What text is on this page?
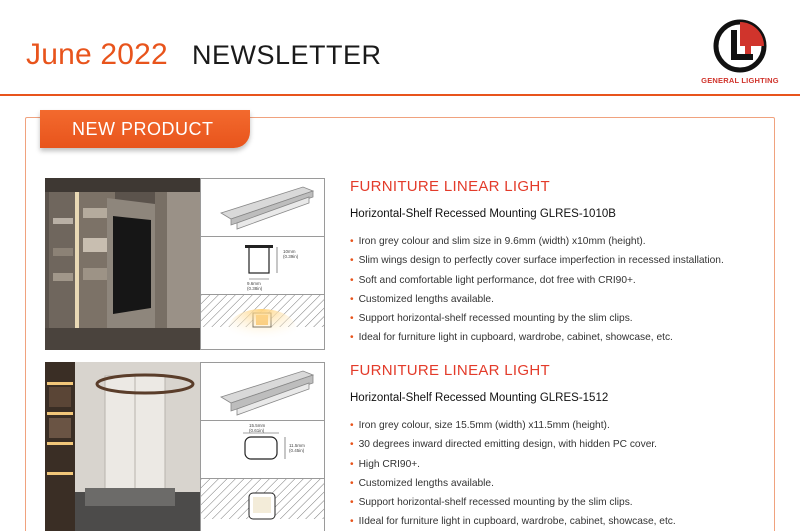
June 2022 NEWSLETTER
GENERAL LIGHTING
NEW PRODUCT
10mm
(0.39in)
9.6mm
(0.38in)
FURNITURE LINEAR LIGHT
Horizontal-Shelf Recessed Mounting GLRES-1010B
• Iron grey colour and slim size in 9.6mm (width) x10mm (height).
• Slim wings design to perfectly cover surface imperfection in recessed installation.
• Soft and comfortable light performance, dot free with CRI90+.
• Customized lengths available.
• Support horizontal-shelf recessed mounting by the slim clips.
• Ideal for furniture light in cupboard, wardrobe, cabinet, showcase, etc.
15.5mm
(0.61in)
11.5mm
(0.45in)
FURNITURE LINEAR LIGHT
Horizontal-Shelf Recessed Mounting GLRES-1512
• Iron grey colour, size 15.5mm (width) x11.5mm (height).
• 30 degrees inward directed emitting design, with hidden PC cover.
• High CRI90+.
• Customized lengths available.
• Support horizontal-shelf recessed mounting by the slim clips.
• IIdeal for furniture light in cupboard, wardrobe, cabinet, showcase, etc.
